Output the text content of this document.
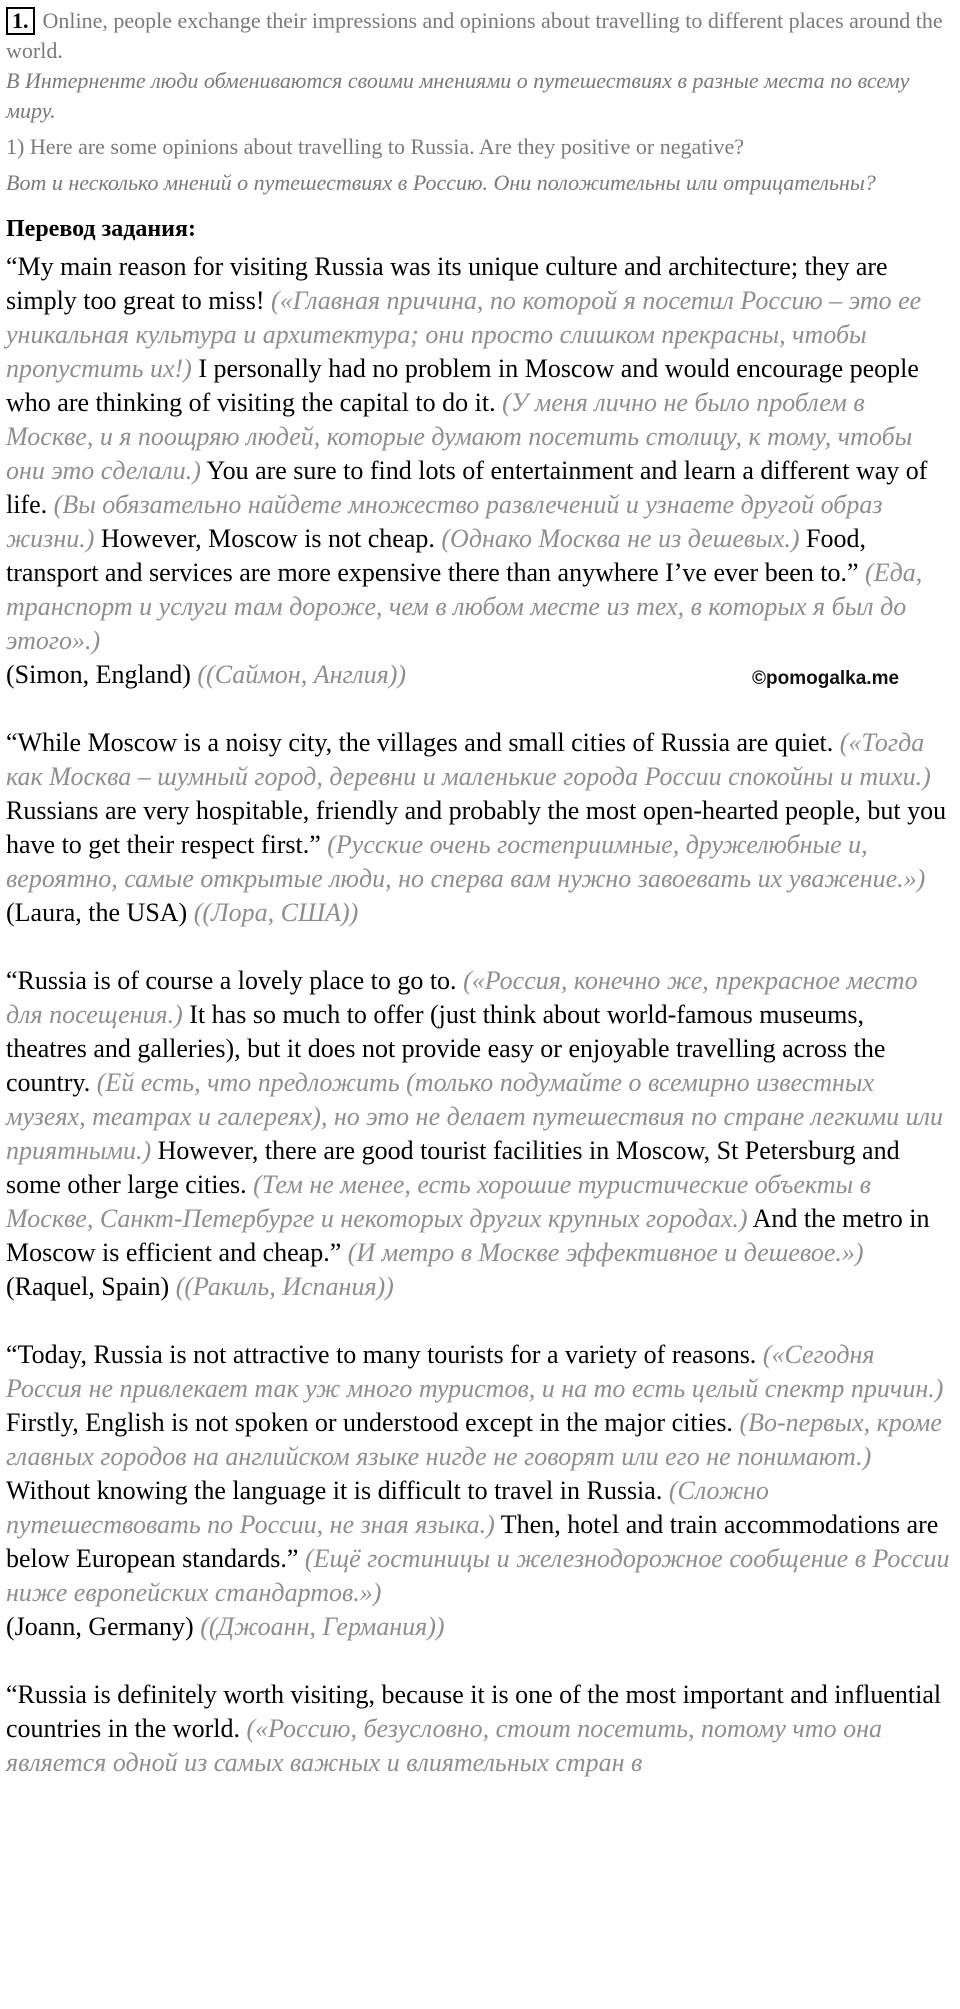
1. Online, people exchange their impressions and opinions about travelling to different places around the world.
В Интерненте люди обмениваются своими мнениями о путешествиях в разные места по всему миру.
1) Here are some opinions about travelling to Russia. Are they positive or negative?
Вот и несколько мнений о путешествиях в Россию. Они положительны или отрицательны?
Перевод задания:

“My main reason for visiting Russia was its unique culture and architecture; they are simply too great to miss! («Главная причина, по которой я посетил Россию – это ее уникальная культура и архитектура; они просто слишком прекрасны, чтобы пропустить их!) I personally had no problem in Moscow and would encourage people who are thinking of visiting the capital to do it. (У меня лично не было проблем в Москве, и я поощряю людей, которые думают посетить столицу, к тому, чтобы они это сделали.) You are sure to find lots of entertainment and learn a different way of life. (Вы обязательно найдете множество развлечений и узнаете другой образ жизни.) However, Moscow is not cheap. (Однако Москва не из дешевых.) Food, transport and services are more expensive there than anywhere I’ve ever been to.” (Еда, транспорт и услуги там дороже, чем в любом месте из тех, в которых я был до этого».)

(Simon, England) ((Саймон, Англия))	©pomogalka.me

“While Moscow is a noisy city, the villages and small cities of Russia are quiet. («Тогда как Москва – шумный город, деревни и маленькие города России спокойны и тихи.) Russians are very hospitable, friendly and probably the most open-hearted people, but you have to get their respect first.” (Русские очень гостеприимные, дружелюбные и, вероятно, самые открытые люди, но сперва вам нужно завоевать их уважение.») (Laura, the USA) ((Лора, США))

“Russia is of course a lovely place to go to. («Россия, конечно же, прекрасное место для посещения.) It has so much to offer (just think about world-famous museums, theatres and galleries), but it does not provide easy or enjoyable travelling across the country. (Ей есть, что предложить (только подумайте о всемирно известных музеях, театрах и галереях), но это не делает путешествия по стране легкими или приятными.) However, there are good tourist facilities in Moscow, St Petersburg and some other large cities. (Тем не менее, есть хорошие туристические объекты в Москве, Санкт-Петербурге и некоторых других крупных городах.) And the metro in Moscow is efficient and cheap.” (И метро в Москве эффективное и дешевое.»)

(Raquel, Spain) ((Ракиль, Испания))

“Today, Russia is not attractive to many tourists for a variety of reasons. («Сегодня Россия не привлекает так уж много туристов, и на то есть целый спектр причин.) Firstly, English is not spoken or understood except in the major cities. (Во-первых, кроме главных городов на английском языке нигде не говорят или его не понимают.) Without knowing the language it is difficult to travel in Russia. (Сложно путешествовать по России, не зная языка.) Then, hotel and train accommodations are below European standards.” (Ещё гостиницы и железнодорожное сообщение в России ниже европейских стандартов.»)

(Joann, Germany) ((Джоанн, Германия))

“Russia is definitely worth visiting, because it is one of the most important and influential countries in the world. («Россию, безусловно, стоит посетить, потому что она является одной из самых важных и влиятельных стран в
